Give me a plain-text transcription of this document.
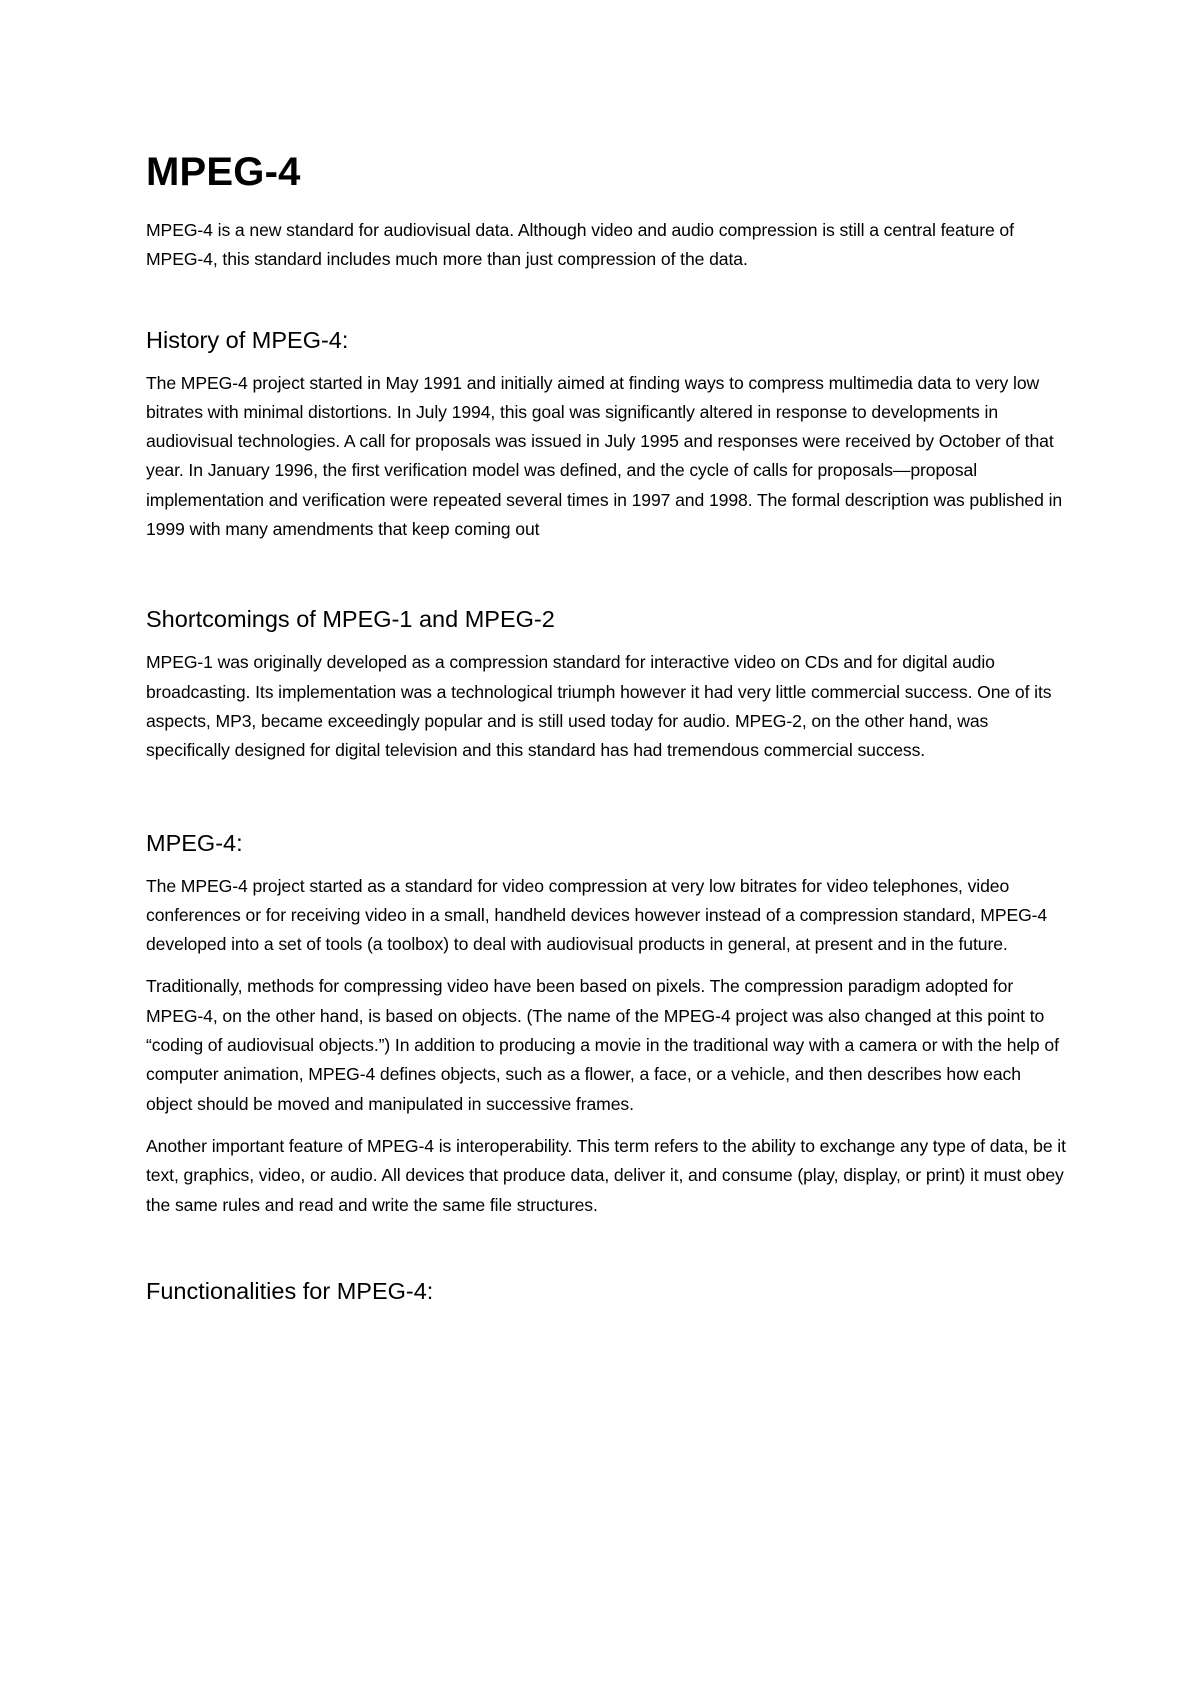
MPEG-4

MPEG-4 is a new standard for audiovisual data. Although video and audio compression is still a central feature of MPEG-4, this standard includes much more than just compression of the data.

History of MPEG-4:

The MPEG-4 project started in May 1991 and initially aimed at finding ways to compress multimedia data to very low bitrates with minimal distortions. In July 1994, this goal was significantly altered in response to developments in audiovisual technologies. A call for proposals was issued in July 1995 and responses were received by October of that year. In January 1996, the first verification model was defined, and the cycle of calls for proposals—proposal implementation and verification were repeated several times in 1997 and 1998. The formal description was published in 1999 with many amendments that keep coming out

Shortcomings of MPEG-1 and MPEG-2

MPEG-1 was originally developed as a compression standard for interactive video on CDs and for digital audio broadcasting. Its implementation was a technological triumph however it had very little commercial success. One of its aspects, MP3, became exceedingly popular and is still used today for audio. MPEG-2, on the other hand, was specifically designed for digital television and this standard has had tremendous commercial success.

MPEG-4:

The MPEG-4 project started as a standard for video compression at very low bitrates for video telephones, video conferences or for receiving video in a small, handheld devices however instead of a compression standard, MPEG-4 developed into a set of tools (a toolbox) to deal with audiovisual products in general, at present and in the future.

Traditionally, methods for compressing video have been based on pixels. The compression paradigm adopted for MPEG-4, on the other hand, is based on objects. (The name of the MPEG-4 project was also changed at this point to “coding of audiovisual objects.”) In addition to producing a movie in the traditional way with a camera or with the help of computer animation, MPEG-4 defines objects, such as a flower, a face, or a vehicle, and then describes how each object should be moved and manipulated in successive frames.

Another important feature of MPEG-4 is interoperability. This term refers to the ability to exchange any type of data, be it text, graphics, video, or audio. All devices that produce data, deliver it, and consume (play, display, or print) it must obey the same rules and read and write the same file structures.

Functionalities for MPEG-4:
